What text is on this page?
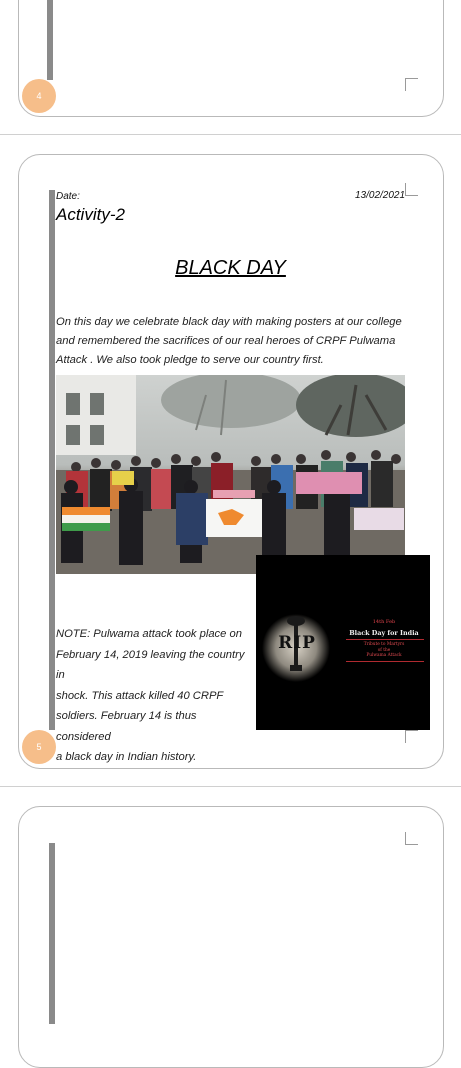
4
Date:	13/02/2021
Activity-2
BLACK DAY
On this day we celebrate black day with making posters at our college
and remembered the sacrifices of our real heroes of CRPF Pulwama
Attack . We also took pledge to serve our country first.
RIP
14th Feb
Black Day for India
Tribute to Martyrs
of the
Pulwama Attack
NOTE: Pulwama attack took place on
February 14, 2019 leaving the country in
shock. This attack killed 40 CRPF
soldiers. February 14 is thus considered
a black day in Indian history.
5
